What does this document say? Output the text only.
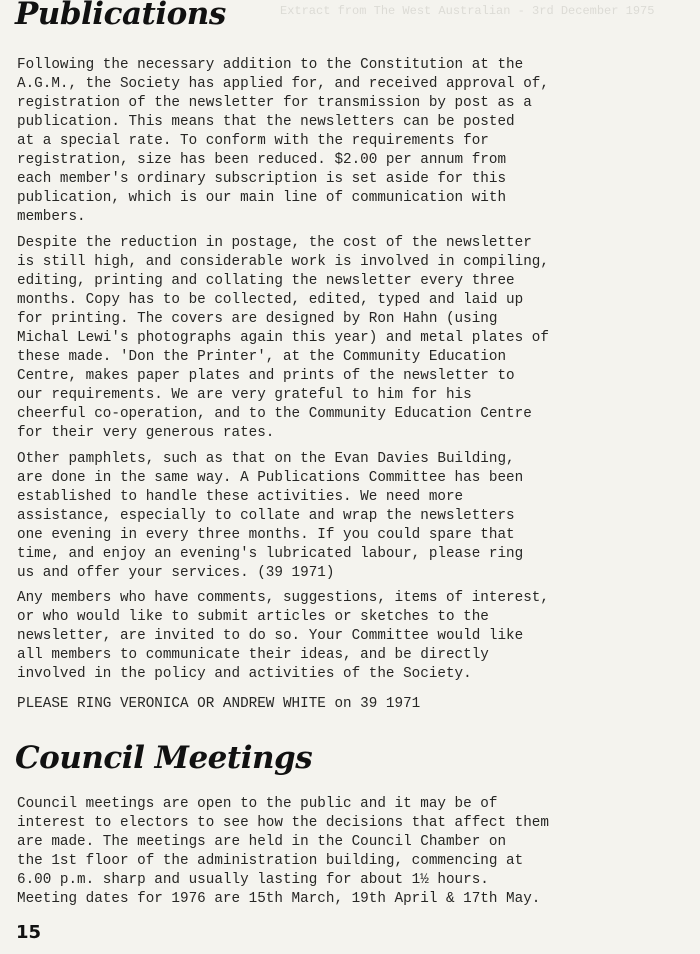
Extract from The West Australian - 3rd December 1975
Publications
Following the necessary addition to the Constitution at the
A.G.M., the Society has applied for, and received approval of,
registration of the newsletter for transmission by post as a
publication. This means that the newsletters can be posted
at a special rate. To conform with the requirements for
registration, size has been reduced. $2.00 per annum from
each member's ordinary subscription is set aside for this
publication, which is our main line of communication with
members.
Despite the reduction in postage, the cost of the newsletter
is still high, and considerable work is involved in compiling,
editing, printing and collating the newsletter every three
months. Copy has to be collected, edited, typed and laid up
for printing. The covers are designed by Ron Hahn (using
Michal Lewi's photographs again this year) and metal plates of
these made. 'Don the Printer', at the Community Education
Centre, makes paper plates and prints of the newsletter to
our requirements. We are very grateful to him for his
cheerful co-operation, and to the Community Education Centre
for their very generous rates.
Other pamphlets, such as that on the Evan Davies Building,
are done in the same way. A Publications Committee has been
established to handle these activities. We need more
assistance, especially to collate and wrap the newsletters
one evening in every three months. If you could spare that
time, and enjoy an evening's lubricated labour, please ring
us and offer your services. (39 1971)
Any members who have comments, suggestions, items of interest,
or who would like to submit articles or sketches to the
newsletter, are invited to do so. Your Committee would like
all members to communicate their ideas, and be directly
involved in the policy and activities of the Society.
PLEASE RING VERONICA OR ANDREW WHITE on 39 1971
Council Meetings
Council meetings are open to the public and it may be of
interest to electors to see how the decisions that affect them
are made. The meetings are held in the Council Chamber on
the 1st floor of the administration building, commencing at
6.00 p.m. sharp and usually lasting for about 1½ hours.
Meeting dates for 1976 are 15th March, 19th April & 17th May.
15
